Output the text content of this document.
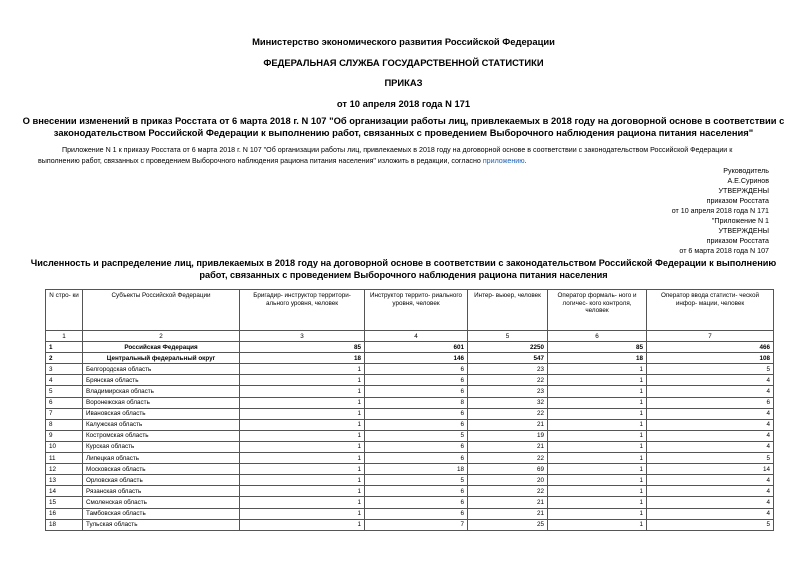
Министерство экономического развития Российской Федерации
ФЕДЕРАЛЬНАЯ СЛУЖБА ГОСУДАРСТВЕННОЙ СТАТИСТИКИ
ПРИКАЗ
от 10 апреля 2018 года N 171
О внесении изменений в приказ Росстата от 6 марта 2018 г. N 107 "Об организации работы лиц, привлекаемых в 2018 году на договорной основе в соответствии с законодательством Российской Федерации к выполнению работ, связанных с проведением Выборочного наблюдения рациона питания населения"
Приложение N 1 к приказу Росстата от 6 марта 2018 г. N 107 "Об организации работы лиц, привлекаемых в 2018 году на договорной основе в соответствии с законодательством Российской Федерации к выполнению работ, связанных с проведением Выборочного наблюдения рациона питания населения" изложить в редакции, согласно приложению.
Руководитель
А.Е.Суринов
УТВЕРЖДЕНЫ
приказом Росстата
от 10 апреля 2018 года N 171
"Приложение N 1
УТВЕРЖДЕНЫ
приказом Росстата
от 6 марта 2018 года N 107
Численность и распределение лиц, привлекаемых в 2018 году на договорной основе в соответствии с законодательством Российской Федерации к выполнению работ, связанных с проведением Выборочного наблюдения рациона питания населения
N стро- ки	Субъекты Российской Федерации	Бригадир- инструктор территори- ального уровня, человек	Инструктор террито- риального уровня, человек	Интер- вьюер, человек	Оператор формаль- ного и логичес- кого контроля, человек	Оператор ввода статисти- ческой инфор- мации, человек
1	2	3	4	5	6	7
1	Российская Федерация	85	601	2250	85	466
2	Центральный федеральный округ	18	146	547	18	108
3	Белгородская область	1	6	23	1	5
4	Брянская область	1	6	22	1	4
5	Владимирская область	1	6	23	1	4
6	Воронежская область	1	8	32	1	6
7	Ивановская область	1	6	22	1	4
8	Калужская область	1	6	21	1	4
9	Костромская область	1	5	19	1	4
10	Курская область	1	6	21	1	4
11	Липецкая область	1	6	22	1	5
12	Московская область	1	18	69	1	14
13	Орловская область	1	5	20	1	4
14	Рязанская область	1	6	22	1	4
15	Смоленская область	1	6	21	1	4
16	Тамбовская область	1	6	21	1	4
18	Тульская область	1	7	25	1	5
